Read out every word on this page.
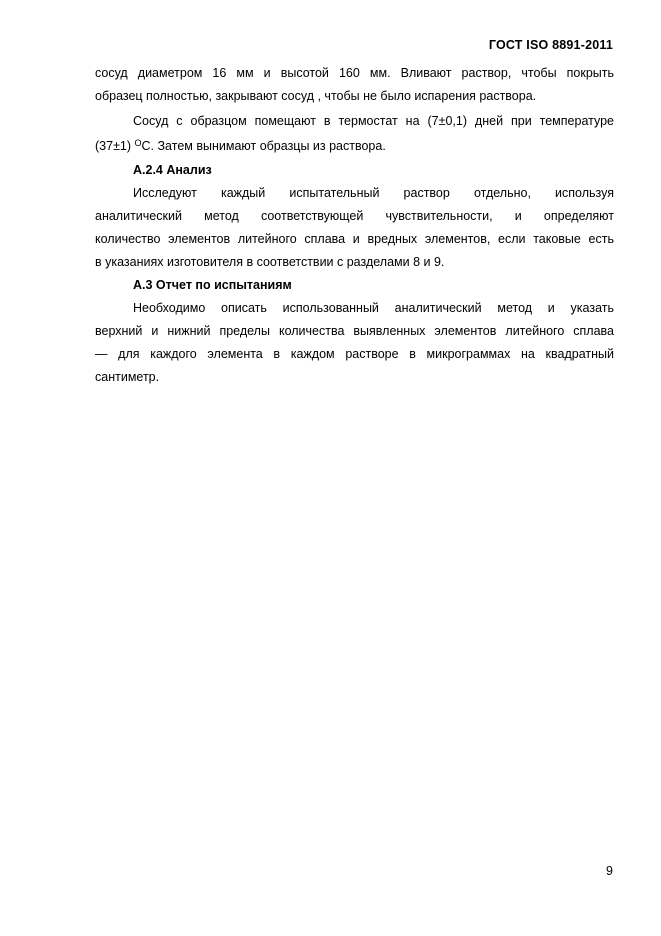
ГОСТ ISO 8891-2011

сосуд диаметром 16 мм и высотой 160 мм. Вливают раствор, чтобы покрыть
образец полностью, закрывают сосуд , чтобы не было испарения раствора.

Сосуд с образцом помещают в термостат на (7±0,1) дней при температуре
(37±1) $^О$С. Затем вынимают образцы из раствора.

А.2.4 Анализ

Исследуют каждый испытательный раствор отдельно, используя
аналитический метод соответствующей чувствительности, и определяют
количество элементов литейного сплава и вредных элементов, если таковые есть
в указаниях изготовителя в соответствии с разделами 8 и 9.

А.3 Отчет по испытаниям

Необходимо описать использованный аналитический метод и указать
верхний и нижний пределы количества выявленных элементов литейного сплава
— для каждого элемента в каждом растворе в микрограммах на квадратный
сантиметр.

9
